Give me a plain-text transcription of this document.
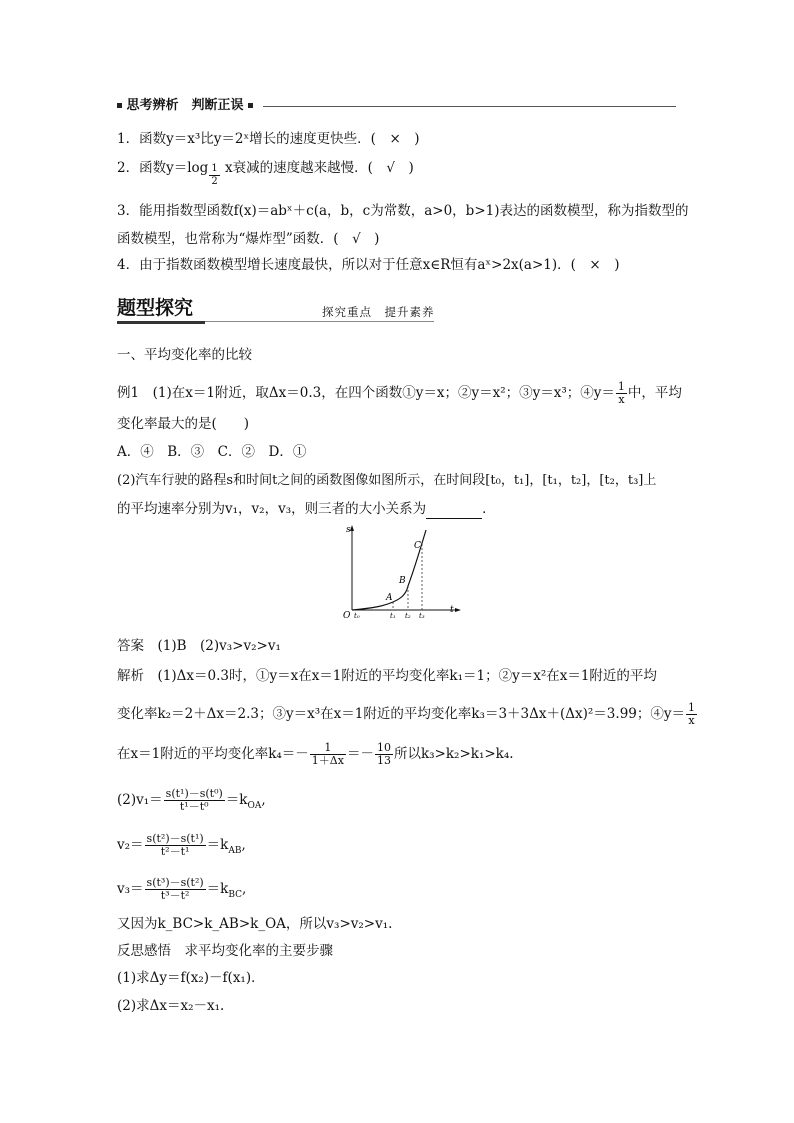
思考辨析　判断正误
1．函数y＝x³比y＝2ˣ增长的速度更快些．(　×　)
2．函数$y=\log \frac{1}{2}$ x衰减的速度越来越慢．(　√　)
3．能用指数型函数f(x)＝abˣ＋c(a，b，c为常数，a>0，b>1)表达的函数模型，称为指数型的
函数模型，也常称为“爆炸型”函数．(　√　)
4．由于指数函数模型增长速度最快，所以对于任意x∈R恒有aˣ>2x(a>1)．(　×　)
题型探究	探究重点　提升素养
一、平均变化率的比较
例1　(1)在x＝1附近，取Δx＝0.3，在四个函数①y＝x；②y＝x²；③y＝x³；④y＝ $\frac{1}{x}$ 中，平均
变化率最大的是(　　)
A．④　B．③　C．②　D．①
(2)汽车行驶的路程s和时间t之间的函数图像如图所示，在时间段[t₀，t₁]，[t₁，t₂]，[t₂，t₃]上
的平均速率分别为v₁，v₂，v₃，则三者的大小关系为	．
s
t
O
A
B
C
t₀	t₁ t₂ t₃
答案　(1)B　(2)v₃>v₂>v₁
解析　(1)Δx＝0.3时，①y＝x在x＝1附近的平均变化率k₁＝1；②y＝x²在x＝1附近的平均
变化率k₂＝2＋Δx＝2.3；③y＝x³在x＝1附近的平均变化率k₃＝3＋3Δx＋(Δx)²＝3.99；④y＝ $\frac{1}{x}$
在x＝1附近的平均变化率$k_4=- \frac{1}{1+\Delta x} =- \frac{10}{13}$ 所以k₃>k₂>k₁>k₄.
$(2)v_1= \frac{\text{s(t¹)－s(t⁰)}}{\text{t¹－t⁰}} =k_{OA}$,
$v_2= \frac{\text{s(t²)－s(t¹)}}{\text{t²－t¹}} =k_{AB}$,
$v_3= \frac{\text{s(t³)－s(t²)}}{\text{t³－t²}} =k_{BC}$,
又因为k_BC>k_AB>k_OA，所以v₃>v₂>v₁.
反思感悟　求平均变化率的主要步骤
(1)求Δy＝f(x₂)－f(x₁)．
(2)求Δx＝x₂－x₁.
